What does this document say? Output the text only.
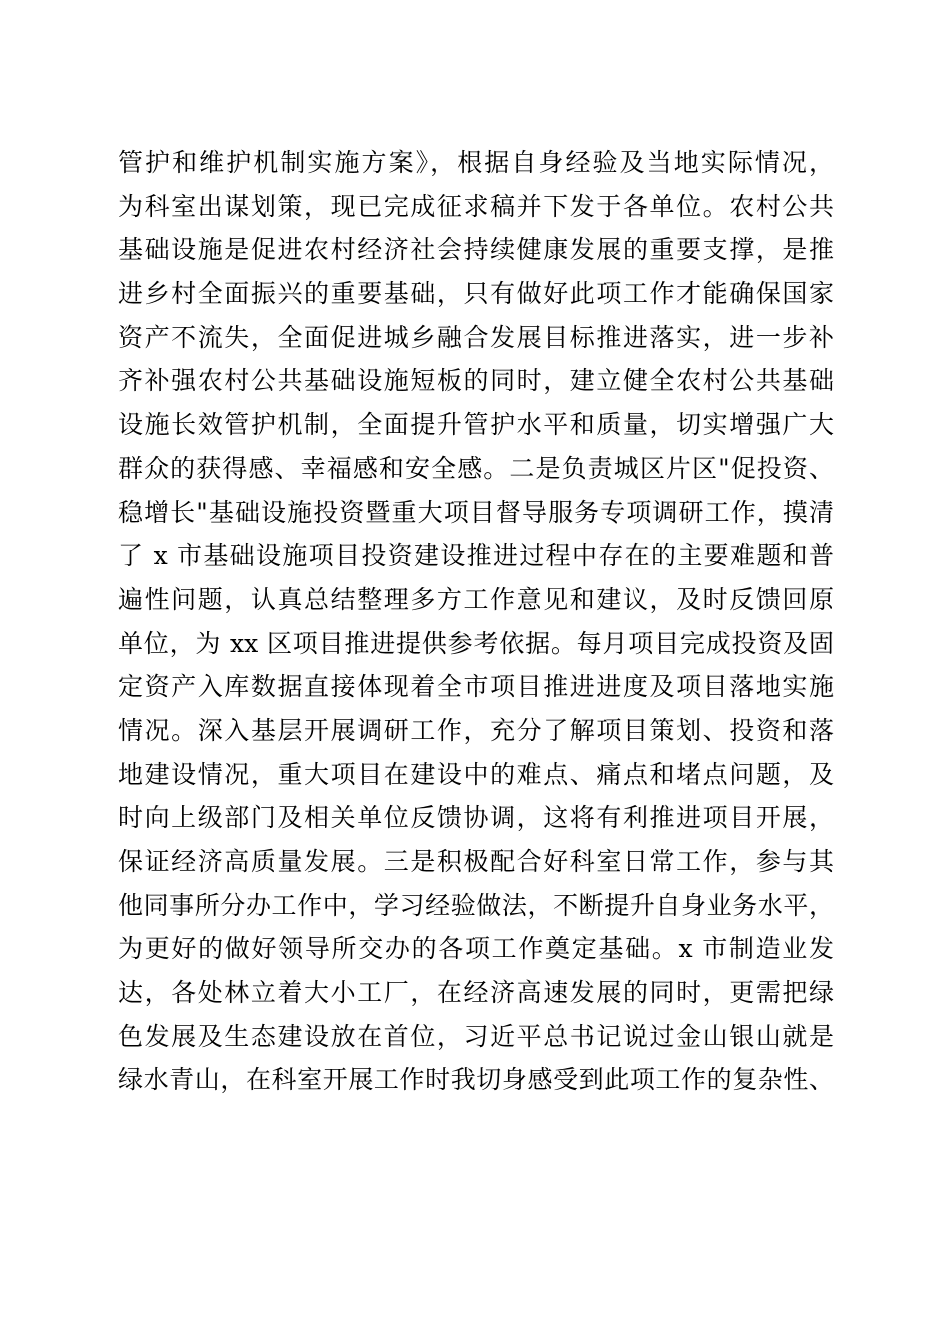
管护和维护机制实施方案》，根据自身经验及当地实际情况，
为科室出谋划策，现已完成征求稿并下发于各单位。农村公共
基础设施是促进农村经济社会持续健康发展的重要支撑，是推
进乡村全面振兴的重要基础，只有做好此项工作才能确保国家
资产不流失，全面促进城乡融合发展目标推进落实，进一步补
齐补强农村公共基础设施短板的同时，建立健全农村公共基础
设施长效管护机制，全面提升管护水平和质量，切实增强广大
群众的获得感、幸福感和安全感。二是负责城区片区"促投资、
稳增长"基础设施投资暨重大项目督导服务专项调研工作，摸清
了 x 市基础设施项目投资建设推进过程中存在的主要难题和普
遍性问题，认真总结整理多方工作意见和建议，及时反馈回原
单位，为 xx 区项目推进提供参考依据。每月项目完成投资及固
定资产入库数据直接体现着全市项目推进进度及项目落地实施
情况。深入基层开展调研工作，充分了解项目策划、投资和落
地建设情况，重大项目在建设中的难点、痛点和堵点问题，及
时向上级部门及相关单位反馈协调，这将有利推进项目开展，
保证经济高质量发展。三是积极配合好科室日常工作，参与其
他同事所分办工作中，学习经验做法，不断提升自身业务水平，
为更好的做好领导所交办的各项工作奠定基础。x 市制造业发
达，各处林立着大小工厂，在经济高速发展的同时，更需把绿
色发展及生态建设放在首位，习近平总书记说过金山银山就是
绿水青山，在科室开展工作时我切身感受到此项工作的复杂性、
